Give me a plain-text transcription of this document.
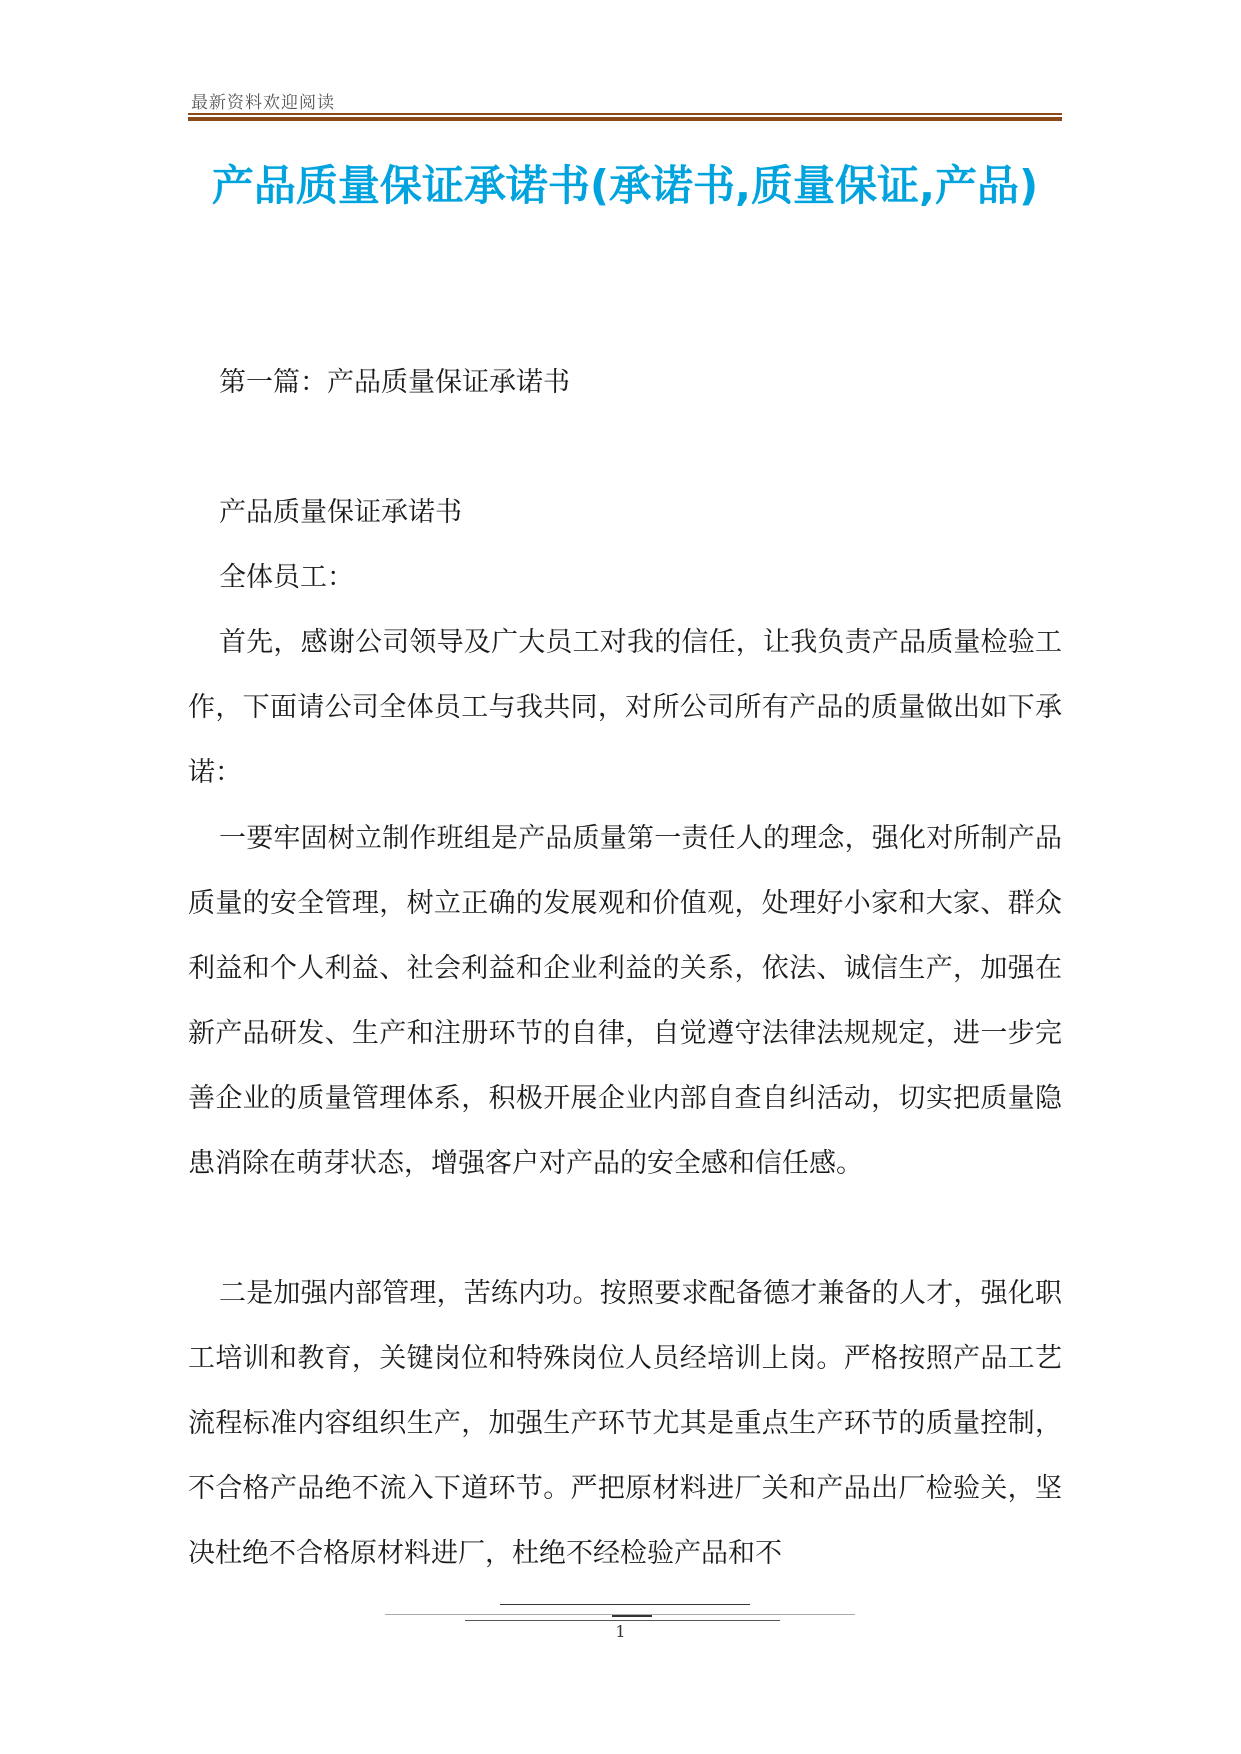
最新资料欢迎阅读
产品质量保证承诺书(承诺书,质量保证,产品)

第一篇：产品质量保证承诺书

产品质量保证承诺书

全体员工：

首先，感谢公司领导及广大员工对我的信任，让我负责产品质量检验工作，下面请公司全体员工与我共同，对所公司所有产品的质量做出如下承诺：

一要牢固树立制作班组是产品质量第一责任人的理念，强化对所制产品质量的安全管理，树立正确的发展观和价值观，处理好小家和大家、群众利益和个人利益、社会利益和企业利益的关系，依法、诚信生产，加强在新产品研发、生产和注册环节的自律，自觉遵守法律法规规定，进一步完善企业的质量管理体系，积极开展企业内部自查自纠活动，切实把质量隐患消除在萌芽状态，增强客户对产品的安全感和信任感。

二是加强内部管理，苦练内功。按照要求配备德才兼备的人才，强化职工培训和教育，关键岗位和特殊岗位人员经培训上岗。严格按照产品工艺流程标准内容组织生产，加强生产环节尤其是重点生产环节的质量控制，不合格产品绝不流入下道环节。严把原材料进厂关和产品出厂检验关，坚决杜绝不合格原材料进厂，杜绝不经检验产品和不

1
